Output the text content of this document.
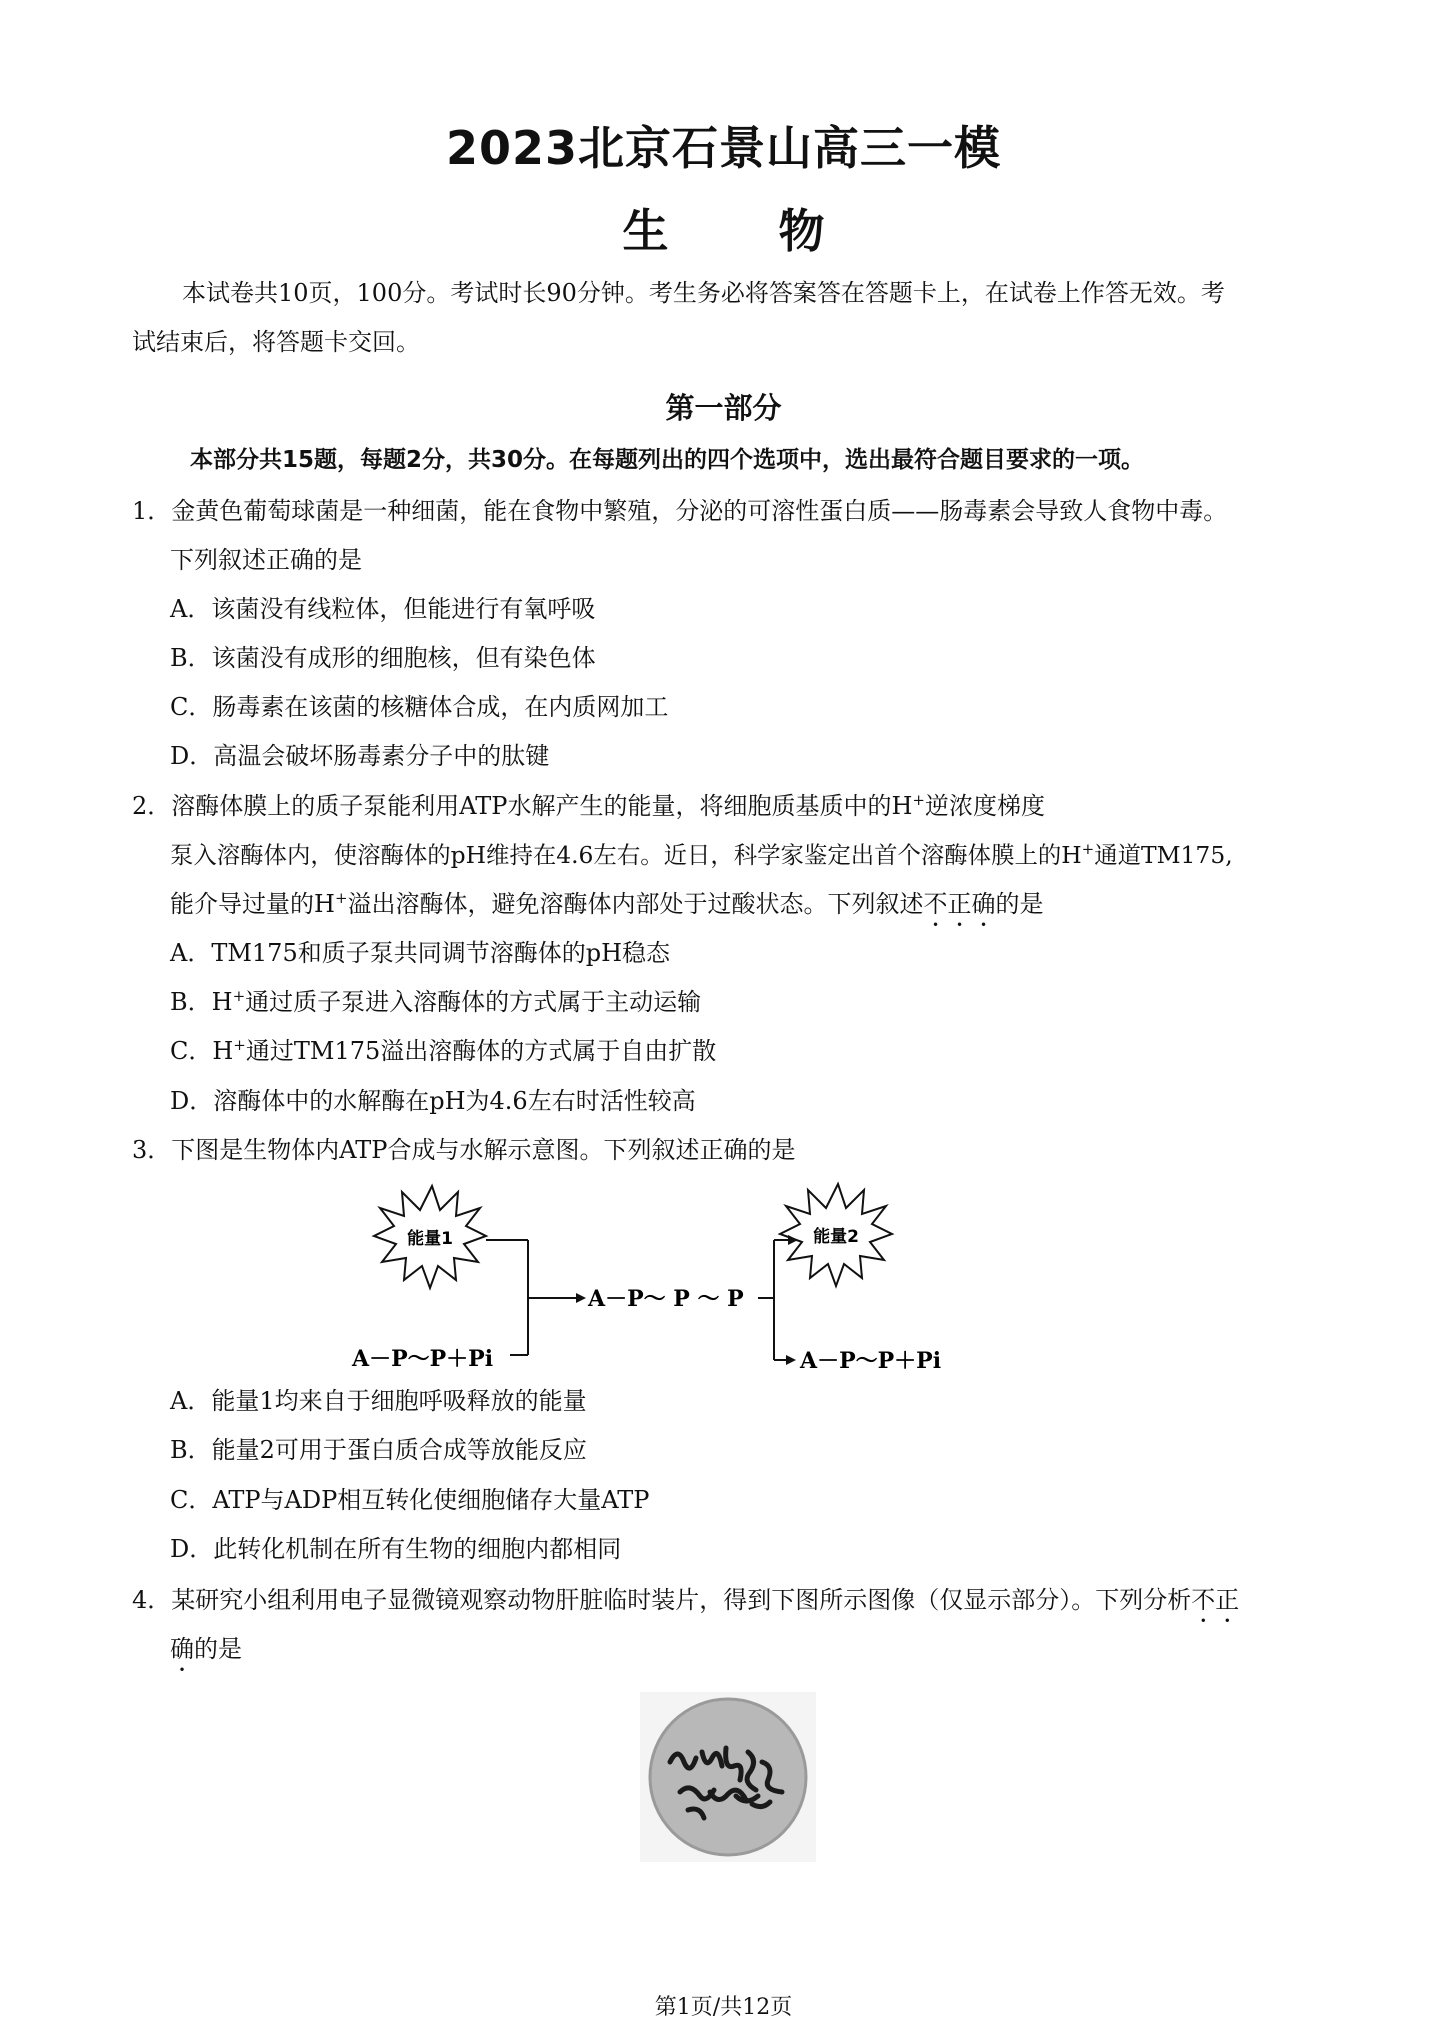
2023北京石景山高三一模
生物
本试卷共10页，100分。考试时长90分钟。考生务必将答案答在答题卡上，在试卷上作答无效。考
试结束后，将答题卡交回。
第一部分
本部分共15题，每题2分，共30分。在每题列出的四个选项中，选出最符合题目要求的一项。
1．金黄色葡萄球菌是一种细菌，能在食物中繁殖，分泌的可溶性蛋白质——肠毒素会导致人食物中毒。
下列叙述正确的是
A．该菌没有线粒体，但能进行有氧呼吸
B．该菌没有成形的细胞核，但有染色体
C．肠毒素在该菌的核糖体合成，在内质网加工
D．高温会破坏肠毒素分子中的肽键
2．溶酶体膜上的质子泵能利用ATP水解产生的能量，将细胞质基质中的H+逆浓度梯度
泵入溶酶体内，使溶酶体的pH维持在4.6左右。近日，科学家鉴定出首个溶酶体膜上的H+通道TM175,
能介导过量的H+溢出溶酶体，避免溶酶体内部处于过酸状态。下列叙述不正确的是
A．TM175和质子泵共同调节溶酶体的pH稳态
B．H+通过质子泵进入溶酶体的方式属于主动运输
C．H+通过TM175溢出溶酶体的方式属于自由扩散
D．溶酶体中的水解酶在pH为4.6左右时活性较高
3．下图是生物体内ATP合成与水解示意图。下列叙述正确的是
能量1	能量2
A－P～ P ～ P
A－P～P＋Pi	A－P～P＋Pi
A．能量1均来自于细胞呼吸释放的能量
B．能量2可用于蛋白质合成等放能反应
C．ATP与ADP相互转化使细胞储存大量ATP
D．此转化机制在所有生物的细胞内都相同
4．某研究小组利用电子显微镜观察动物肝脏临时装片，得到下图所示图像（仅显示部分）。下列分析不正
确的是
第1页/共12页
